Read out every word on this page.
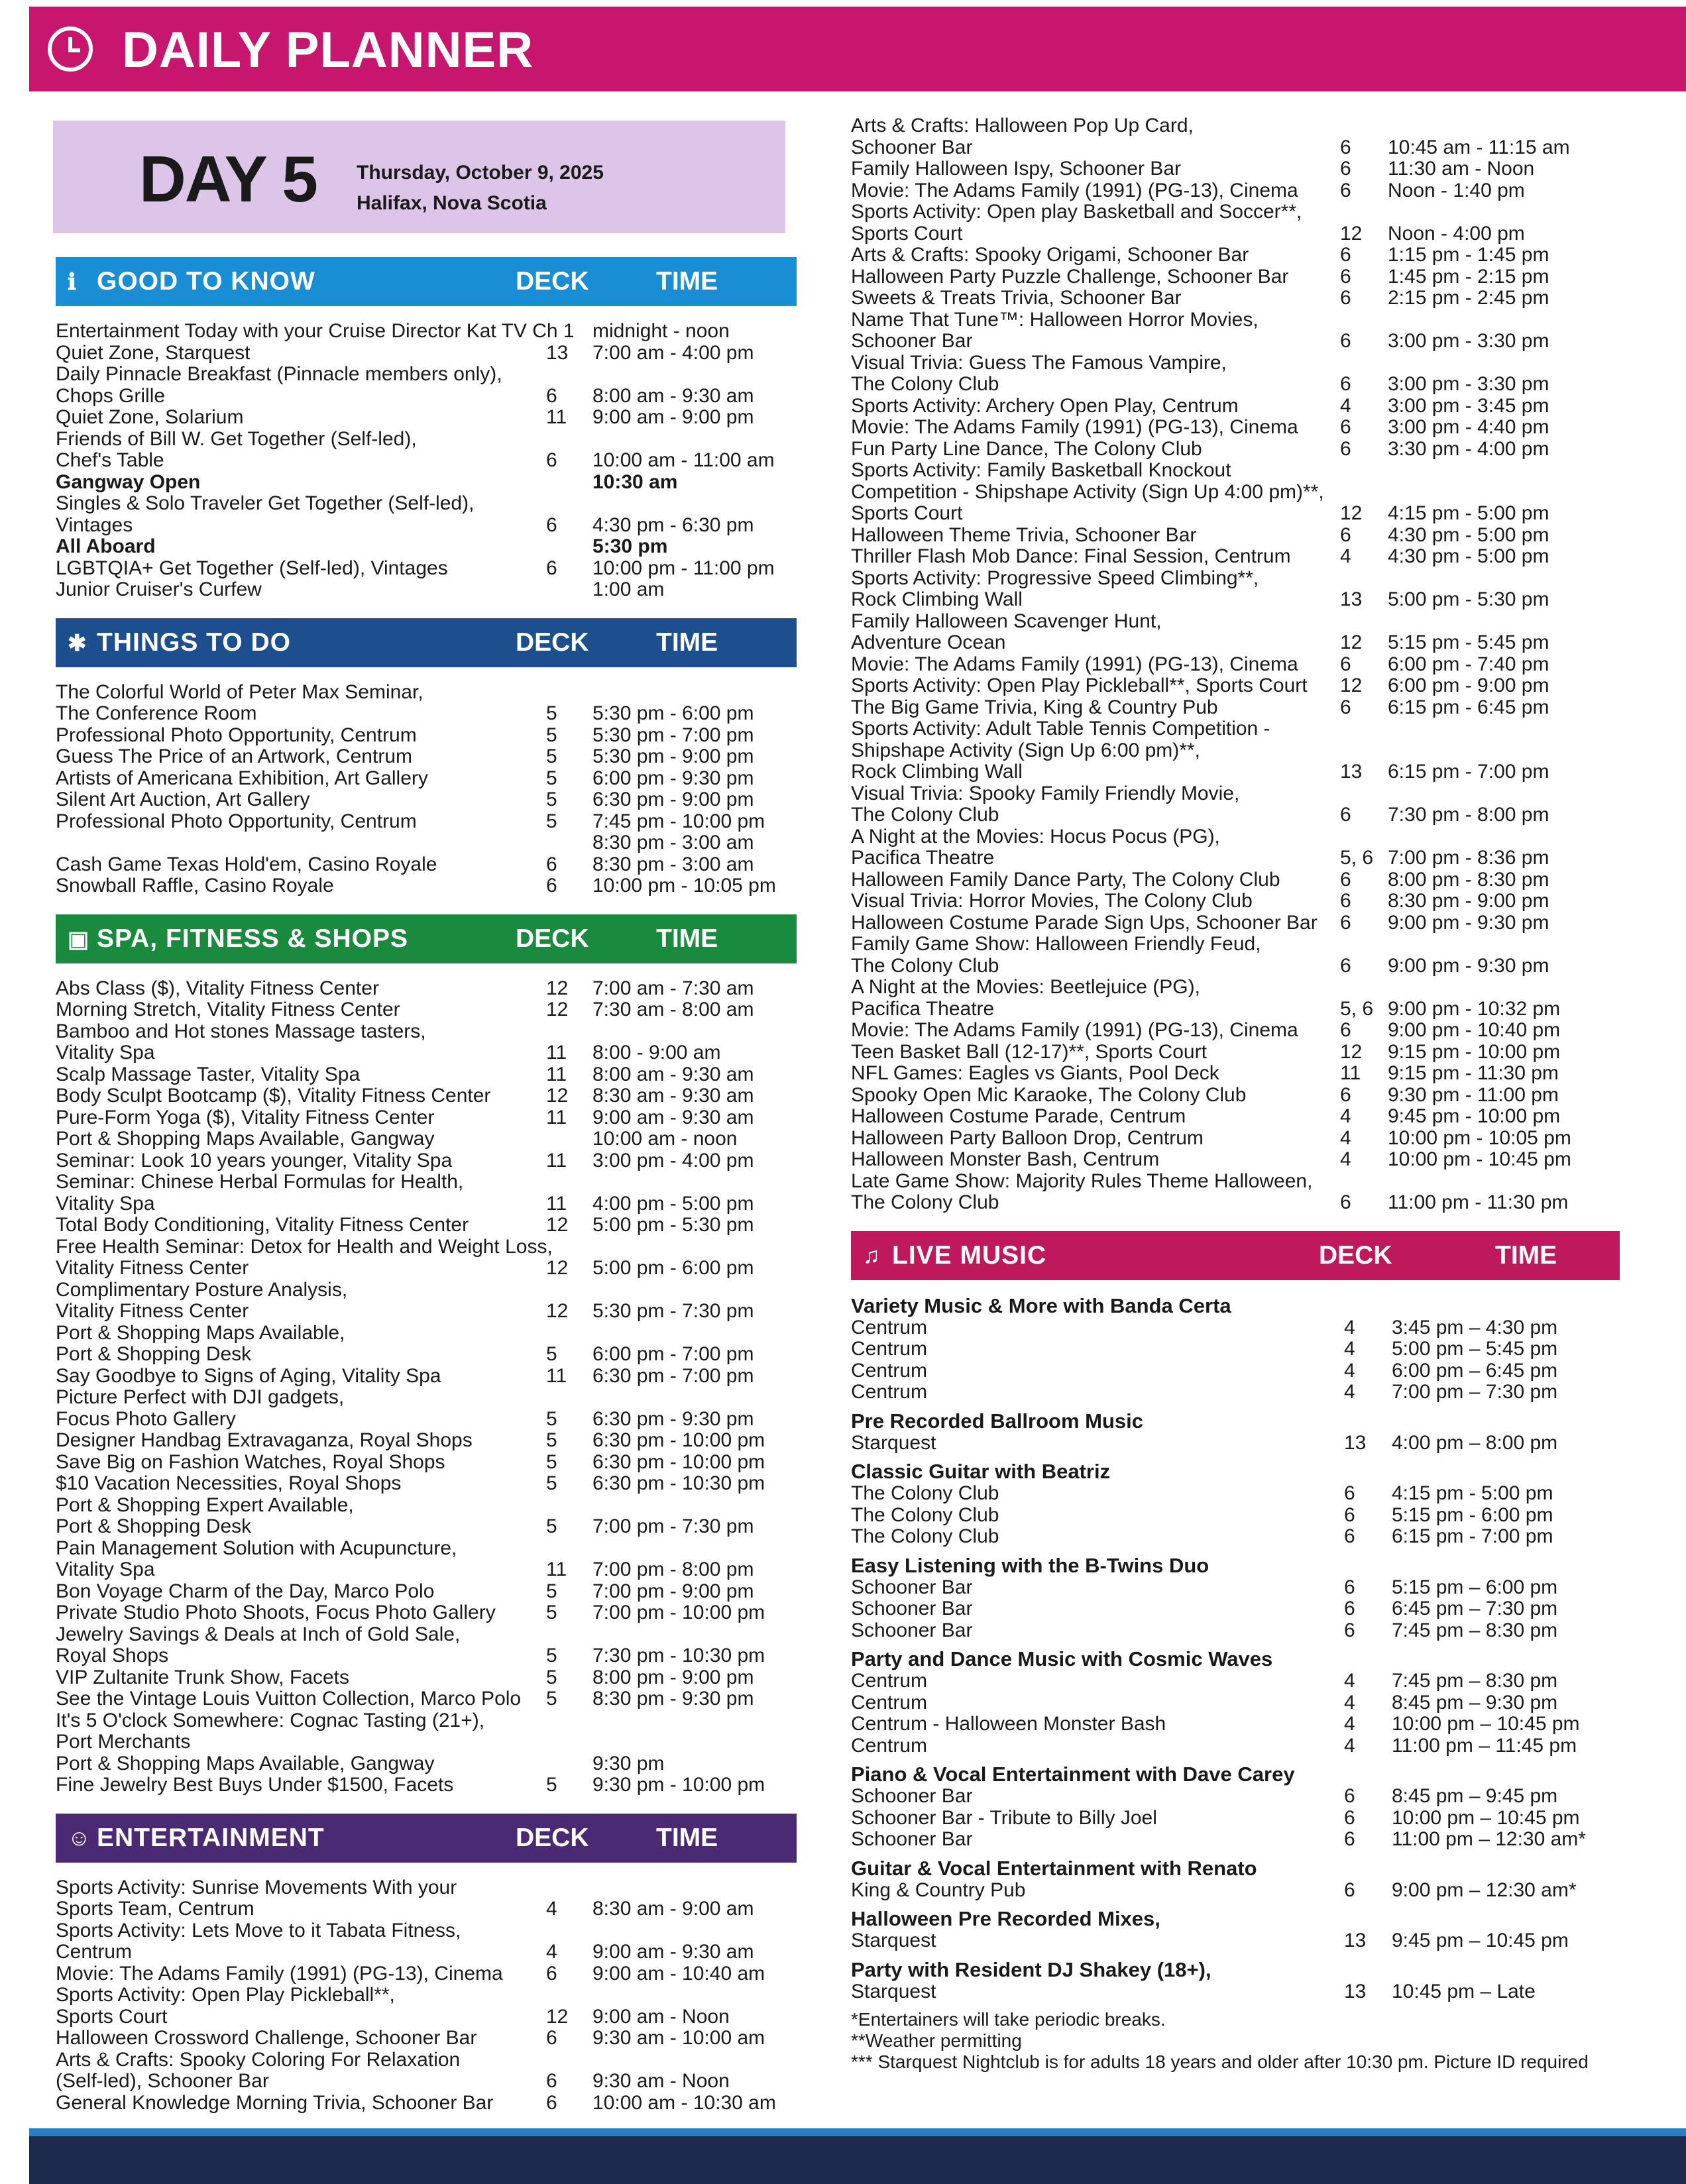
DAILY PLANNER
DAY 5 Thursday, October 9, 2025
Halifax, Nova Scotia
ℹ GOOD TO KNOW	DECK	TIME
Entertainment Today with your Cruise Director Kat TV Ch 1 midnight - noon
Quiet Zone, Starquest	13 7:00 am - 4:00 pm
Daily Pinnacle Breakfast (Pinnacle members only),
Chops Grille	6 8:00 am - 9:30 am
Quiet Zone, Solarium	11 9:00 am - 9:00 pm
Friends of Bill W. Get Together (Self-led),
Chef's Table	6 10:00 am - 11:00 am
Gangway Open	10:30 am
Singles & Solo Traveler Get Together (Self-led),
Vintages	6 4:30 pm - 6:30 pm
All Aboard	5:30 pm
LGBTQIA+ Get Together (Self-led), Vintages	6 10:00 pm - 11:00 pm
Junior Cruiser's Curfew	1:00 am
✱ THINGS TO DO	DECK	TIME
The Colorful World of Peter Max Seminar,
The Conference Room	5 5:30 pm - 6:00 pm
Professional Photo Opportunity, Centrum	5 5:30 pm - 7:00 pm
Guess The Price of an Artwork, Centrum	5 5:30 pm - 9:00 pm
Artists of Americana Exhibition, Art Gallery	5 6:00 pm - 9:30 pm
Silent Art Auction, Art Gallery	5 6:30 pm - 9:00 pm
Professional Photo Opportunity, Centrum	5 7:45 pm - 10:00 pm
8:30 pm - 3:00 am
Cash Game Texas Hold'em, Casino Royale	6 8:30 pm - 3:00 am
Snowball Raffle, Casino Royale	6 10:00 pm - 10:05 pm
▣ SPA, FITNESS & SHOPS	DECK	TIME
Abs Class ($), Vitality Fitness Center	12 7:00 am - 7:30 am
Morning Stretch, Vitality Fitness Center	12 7:30 am - 8:00 am
Bamboo and Hot stones Massage tasters,
Vitality Spa	11 8:00 - 9:00 am
Scalp Massage Taster, Vitality Spa	11 8:00 am - 9:30 am
Body Sculpt Bootcamp ($), Vitality Fitness Center	12 8:30 am - 9:30 am
Pure-Form Yoga ($), Vitality Fitness Center	11 9:00 am - 9:30 am
Port & Shopping Maps Available, Gangway	10:00 am - noon
Seminar: Look 10 years younger, Vitality Spa	11 3:00 pm - 4:00 pm
Seminar: Chinese Herbal Formulas for Health,
Vitality Spa	11 4:00 pm - 5:00 pm
Total Body Conditioning, Vitality Fitness Center	12 5:00 pm - 5:30 pm
Free Health Seminar: Detox for Health and Weight Loss,
Vitality Fitness Center	12 5:00 pm - 6:00 pm
Complimentary Posture Analysis,
Vitality Fitness Center	12 5:30 pm - 7:30 pm
Port & Shopping Maps Available,
Port & Shopping Desk	5 6:00 pm - 7:00 pm
Say Goodbye to Signs of Aging, Vitality Spa	11 6:30 pm - 7:00 pm
Picture Perfect with DJI gadgets,
Focus Photo Gallery	5 6:30 pm - 9:30 pm
Designer Handbag Extravaganza, Royal Shops	5 6:30 pm - 10:00 pm
Save Big on Fashion Watches, Royal Shops	5 6:30 pm - 10:00 pm
$10 Vacation Necessities, Royal Shops	5 6:30 pm - 10:30 pm
Port & Shopping Expert Available,
Port & Shopping Desk	5 7:00 pm - 7:30 pm
Pain Management Solution with Acupuncture,
Vitality Spa	11 7:00 pm - 8:00 pm
Bon Voyage Charm of the Day, Marco Polo	5 7:00 pm - 9:00 pm
Private Studio Photo Shoots, Focus Photo Gallery	5 7:00 pm - 10:00 pm
Jewelry Savings & Deals at Inch of Gold Sale,
Royal Shops	5 7:30 pm - 10:30 pm
VIP Zultanite Trunk Show, Facets	5 8:00 pm - 9:00 pm
See the Vintage Louis Vuitton Collection, Marco Polo	5 8:30 pm - 9:30 pm
It's 5 O'clock Somewhere: Cognac Tasting (21+),
Port Merchants
Port & Shopping Maps Available, Gangway	9:30 pm
Fine Jewelry Best Buys Under $1500, Facets	5 9:30 pm - 10:00 pm
☺ ENTERTAINMENT	DECK	TIME
Sports Activity: Sunrise Movements With your
Sports Team, Centrum	4 8:30 am - 9:00 am
Sports Activity: Lets Move to it Tabata Fitness,
Centrum	4 9:00 am - 9:30 am
Movie: The Adams Family (1991) (PG-13), Cinema	6 9:00 am - 10:40 am
Sports Activity: Open Play Pickleball**,
Sports Court	12 9:00 am - Noon
Halloween Crossword Challenge, Schooner Bar	6 9:30 am - 10:00 am
Arts & Crafts: Spooky Coloring For Relaxation
(Self-led), Schooner Bar	6 9:30 am - Noon
General Knowledge Morning Trivia, Schooner Bar	6 10:00 am - 10:30 am
Arts & Crafts: Halloween Pop Up Card,
Schooner Bar	6 10:45 am - 11:15 am
Family Halloween Ispy, Schooner Bar	6 11:30 am - Noon
Movie: The Adams Family (1991) (PG-13), Cinema	6 Noon - 1:40 pm
Sports Activity: Open play Basketball and Soccer**,
Sports Court	12 Noon - 4:00 pm
Arts & Crafts: Spooky Origami, Schooner Bar	6 1:15 pm - 1:45 pm
Halloween Party Puzzle Challenge, Schooner Bar	6 1:45 pm - 2:15 pm
Sweets & Treats Trivia, Schooner Bar	6 2:15 pm - 2:45 pm
Name That Tune™: Halloween Horror Movies,
Schooner Bar	6 3:00 pm - 3:30 pm
Visual Trivia: Guess The Famous Vampire,
The Colony Club	6 3:00 pm - 3:30 pm
Sports Activity: Archery Open Play, Centrum	4 3:00 pm - 3:45 pm
Movie: The Adams Family (1991) (PG-13), Cinema	6 3:00 pm - 4:40 pm
Fun Party Line Dance, The Colony Club	6 3:30 pm - 4:00 pm
Sports Activity: Family Basketball Knockout
Competition - Shipshape Activity (Sign Up 4:00 pm)**,
Sports Court	12 4:15 pm - 5:00 pm
Halloween Theme Trivia, Schooner Bar	6 4:30 pm - 5:00 pm
Thriller Flash Mob Dance: Final Session, Centrum	4 4:30 pm - 5:00 pm
Sports Activity: Progressive Speed Climbing**,
Rock Climbing Wall	13 5:00 pm - 5:30 pm
Family Halloween Scavenger Hunt,
Adventure Ocean	12 5:15 pm - 5:45 pm
Movie: The Adams Family (1991) (PG-13), Cinema	6 6:00 pm - 7:40 pm
Sports Activity: Open Play Pickleball**, Sports Court	12 6:00 pm - 9:00 pm
The Big Game Trivia, King & Country Pub	6 6:15 pm - 6:45 pm
Sports Activity: Adult Table Tennis Competition -
Shipshape Activity (Sign Up 6:00 pm)**,
Rock Climbing Wall	13 6:15 pm - 7:00 pm
Visual Trivia: Spooky Family Friendly Movie,
The Colony Club	6 7:30 pm - 8:00 pm
A Night at the Movies: Hocus Pocus (PG),
Pacifica Theatre	5, 6 7:00 pm - 8:36 pm
Halloween Family Dance Party, The Colony Club	6 8:00 pm - 8:30 pm
Visual Trivia: Horror Movies, The Colony Club	6 8:30 pm - 9:00 pm
Halloween Costume Parade Sign Ups, Schooner Bar	6 9:00 pm - 9:30 pm
Family Game Show: Halloween Friendly Feud,
The Colony Club	6 9:00 pm - 9:30 pm
A Night at the Movies: Beetlejuice (PG),
Pacifica Theatre	5, 6 9:00 pm - 10:32 pm
Movie: The Adams Family (1991) (PG-13), Cinema	6 9:00 pm - 10:40 pm
Teen Basket Ball (12-17)**, Sports Court	12 9:15 pm - 10:00 pm
NFL Games: Eagles vs Giants, Pool Deck	11 9:15 pm - 11:30 pm
Spooky Open Mic Karaoke, The Colony Club	6 9:30 pm - 11:00 pm
Halloween Costume Parade, Centrum	4 9:45 pm - 10:00 pm
Halloween Party Balloon Drop, Centrum	4 10:00 pm - 10:05 pm
Halloween Monster Bash, Centrum	4 10:00 pm - 10:45 pm
Late Game Show: Majority Rules Theme Halloween,
The Colony Club	6 11:00 pm - 11:30 pm
♫ LIVE MUSIC	DECK	TIME
Variety Music & More with Banda Certa
Centrum	4 3:45 pm – 4:30 pm
Centrum	4 5:00 pm – 5:45 pm
Centrum	4 6:00 pm – 6:45 pm
Centrum	4 7:00 pm – 7:30 pm
Pre Recorded Ballroom Music
Starquest	13 4:00 pm – 8:00 pm
Classic Guitar with Beatriz
The Colony Club	6 4:15 pm - 5:00 pm
The Colony Club	6 5:15 pm - 6:00 pm
The Colony Club	6 6:15 pm - 7:00 pm
Easy Listening with the B-Twins Duo
Schooner Bar	6 5:15 pm – 6:00 pm
Schooner Bar	6 6:45 pm – 7:30 pm
Schooner Bar	6 7:45 pm – 8:30 pm
Party and Dance Music with Cosmic Waves
Centrum	4 7:45 pm – 8:30 pm
Centrum	4 8:45 pm – 9:30 pm
Centrum - Halloween Monster Bash	4 10:00 pm – 10:45 pm
Centrum	4 11:00 pm – 11:45 pm
Piano & Vocal Entertainment with Dave Carey
Schooner Bar	6 8:45 pm – 9:45 pm
Schooner Bar - Tribute to Billy Joel	6 10:00 pm – 10:45 pm
Schooner Bar	6 11:00 pm – 12:30 am*
Guitar & Vocal Entertainment with Renato
King & Country Pub	6 9:00 pm – 12:30 am*
Halloween Pre Recorded Mixes,
Starquest	13 9:45 pm – 10:45 pm
Party with Resident DJ Shakey (18+),
Starquest	13 10:45 pm – Late
*Entertainers will take periodic breaks.
**Weather permitting
*** Starquest Nightclub is for adults 18 years and older after 10:30 pm. Picture ID required
